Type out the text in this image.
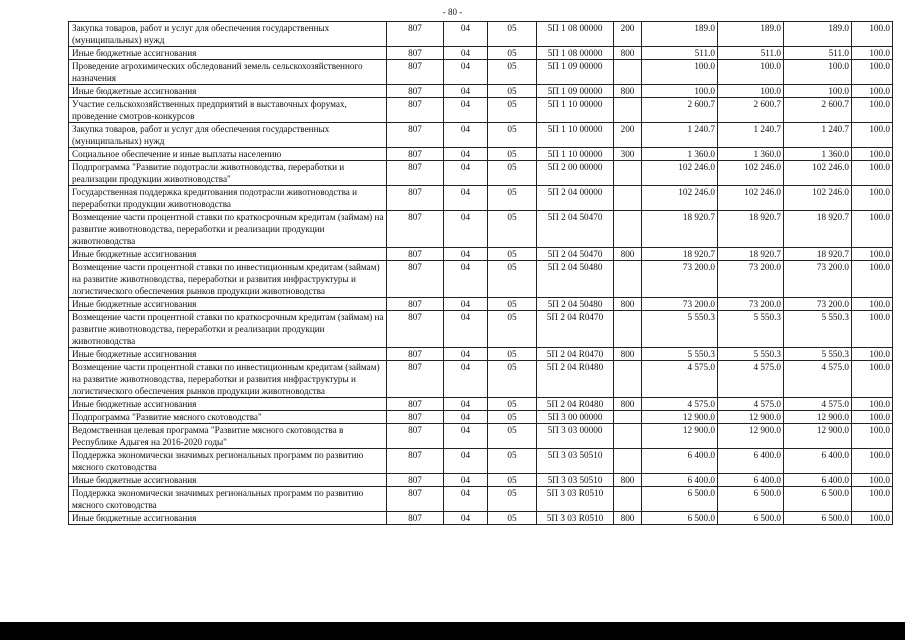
- 80 -
Закупка товаров, работ и услуг для обеспечения государственных (муниципальных) нужд	807	04	05	5П 1 08 00000	200	189.0	189.0	189.0	100.0
Иные бюджетные ассигнования	807	04	05	5П 1 08 00000	800	511.0	511.0	511.0	100.0
Проведение агрохимических обследований земель сельскохозяйственного назначения	807	04	05	5П 1 09 00000		100.0	100.0	100.0	100.0
Иные бюджетные ассигнования	807	04	05	5П 1 09 00000	800	100.0	100.0	100.0	100.0
Участие сельскохозяйственных предприятий в выставочных форумах, проведение смотров-конкурсов	807	04	05	5П 1 10 00000		2 600.7	2 600.7	2 600.7	100.0
Закупка товаров, работ и услуг для обеспечения государственных (муниципальных) нужд	807	04	05	5П 1 10 00000	200	1 240.7	1 240.7	1 240.7	100.0
Социальное обеспечение и иные выплаты населению	807	04	05	5П 1 10 00000	300	1 360.0	1 360.0	1 360.0	100.0
Подпрограмма "Развитие подотрасли животноводства, переработки и реализации продукции животноводства"	807	04	05	5П 2 00 00000		102 246.0	102 246.0	102 246.0	100.0
Государственная поддержка кредитования подотрасли животноводства и переработки продукции животноводства	807	04	05	5П 2 04 00000		102 246.0	102 246.0	102 246.0	100.0
Возмещение части процентной ставки по краткосрочным кредитам (займам) на развитие животноводства, переработки и реализации продукции животноводства	807	04	05	5П 2 04 50470		18 920.7	18 920.7	18 920.7	100.0
Иные бюджетные ассигнования	807	04	05	5П 2 04 50470	800	18 920.7	18 920.7	18 920.7	100.0
Возмещение части процентной ставки по инвестиционным кредитам (займам) на развитие животноводства, переработки и развития инфраструктуры и логистического обеспечения рынков продукции животноводства	807	04	05	5П 2 04 50480		73 200.0	73 200.0	73 200.0	100.0
Иные бюджетные ассигнования	807	04	05	5П 2 04 50480	800	73 200.0	73 200.0	73 200.0	100.0
Возмещение части процентной ставки по краткосрочным кредитам (займам) на развитие животноводства, переработки и реализации продукции животноводства	807	04	05	5П 2 04 R0470		5 550.3	5 550.3	5 550.3	100.0
Иные бюджетные ассигнования	807	04	05	5П 2 04 R0470	800	5 550.3	5 550.3	5 550.3	100.0
Возмещение части процентной ставки по инвестиционным кредитам (займам) на развитие животноводства, переработки и развития инфраструктуры и логистического обеспечения рынков продукции животноводства	807	04	05	5П 2 04 R0480		4 575.0	4 575.0	4 575.0	100.0
Иные бюджетные ассигнования	807	04	05	5П 2 04 R0480	800	4 575.0	4 575.0	4 575.0	100.0
Подпрограмма "Развитие мясного скотоводства"	807	04	05	5П 3 00 00000		12 900.0	12 900.0	12 900.0	100.0
Ведомственная целевая программа "Развитие мясного скотоводства в Республике Адыгея на 2016-2020 годы"	807	04	05	5П 3 03 00000		12 900.0	12 900.0	12 900.0	100.0
Поддержка экономически значимых региональных программ по развитию мясного скотоводства	807	04	05	5П 3 03 50510		6 400.0	6 400.0	6 400.0	100.0
Иные бюджетные ассигнования	807	04	05	5П 3 03 50510	800	6 400.0	6 400.0	6 400.0	100.0
Поддержка экономически значимых региональных программ по развитию мясного скотоводства	807	04	05	5П 3 03 R0510		6 500.0	6 500.0	6 500.0	100.0
Иные бюджетные ассигнования	807	04	05	5П 3 03 R0510	800	6 500.0	6 500.0	6 500.0	100.0
